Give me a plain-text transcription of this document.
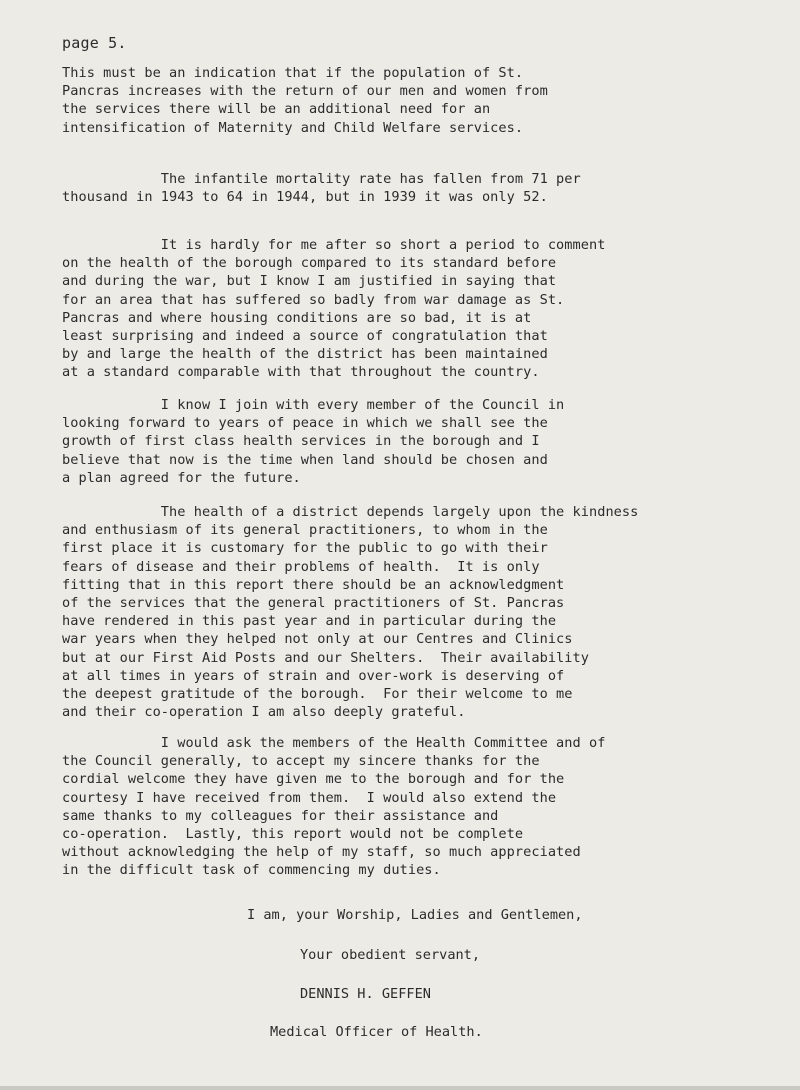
page 5.
This must be an indication that if the population of St.
Pancras increases with the return of our men and women from
the services there will be an additional need for an
intensification of Maternity and Child Welfare services.
The infantile mortality rate has fallen from 71 per
thousand in 1943 to 64 in 1944, but in 1939 it was only 52.
It is hardly for me after so short a period to comment
on the health of the borough compared to its standard before
and during the war, but I know I am justified in saying that
for an area that has suffered so badly from war damage as St.
Pancras and where housing conditions are so bad, it is at
least surprising and indeed a source of congratulation that
by and large the health of the district has been maintained
at a standard comparable with that throughout the country.
I know I join with every member of the Council in
looking forward to years of peace in which we shall see the
growth of first class health services in the borough and I
believe that now is the time when land should be chosen and
a plan agreed for the future.
The health of a district depends largely upon the kindness
and enthusiasm of its general practitioners, to whom in the
first place it is customary for the public to go with their
fears of disease and their problems of health.  It is only
fitting that in this report there should be an acknowledgment
of the services that the general practitioners of St. Pancras
have rendered in this past year and in particular during the
war years when they helped not only at our Centres and Clinics
but at our First Aid Posts and our Shelters.  Their availability
at all times in years of strain and over-work is deserving of
the deepest gratitude of the borough.  For their welcome to me
and their co-operation I am also deeply grateful.
I would ask the members of the Health Committee and of
the Council generally, to accept my sincere thanks for the
cordial welcome they have given me to the borough and for the
courtesy I have received from them.  I would also extend the
same thanks to my colleagues for their assistance and
co-operation.  Lastly, this report would not be complete
without acknowledging the help of my staff, so much appreciated
in the difficult task of commencing my duties.
I am, your Worship, Ladies and Gentlemen,
Your obedient servant,
DENNIS H. GEFFEN
Medical Officer of Health.
